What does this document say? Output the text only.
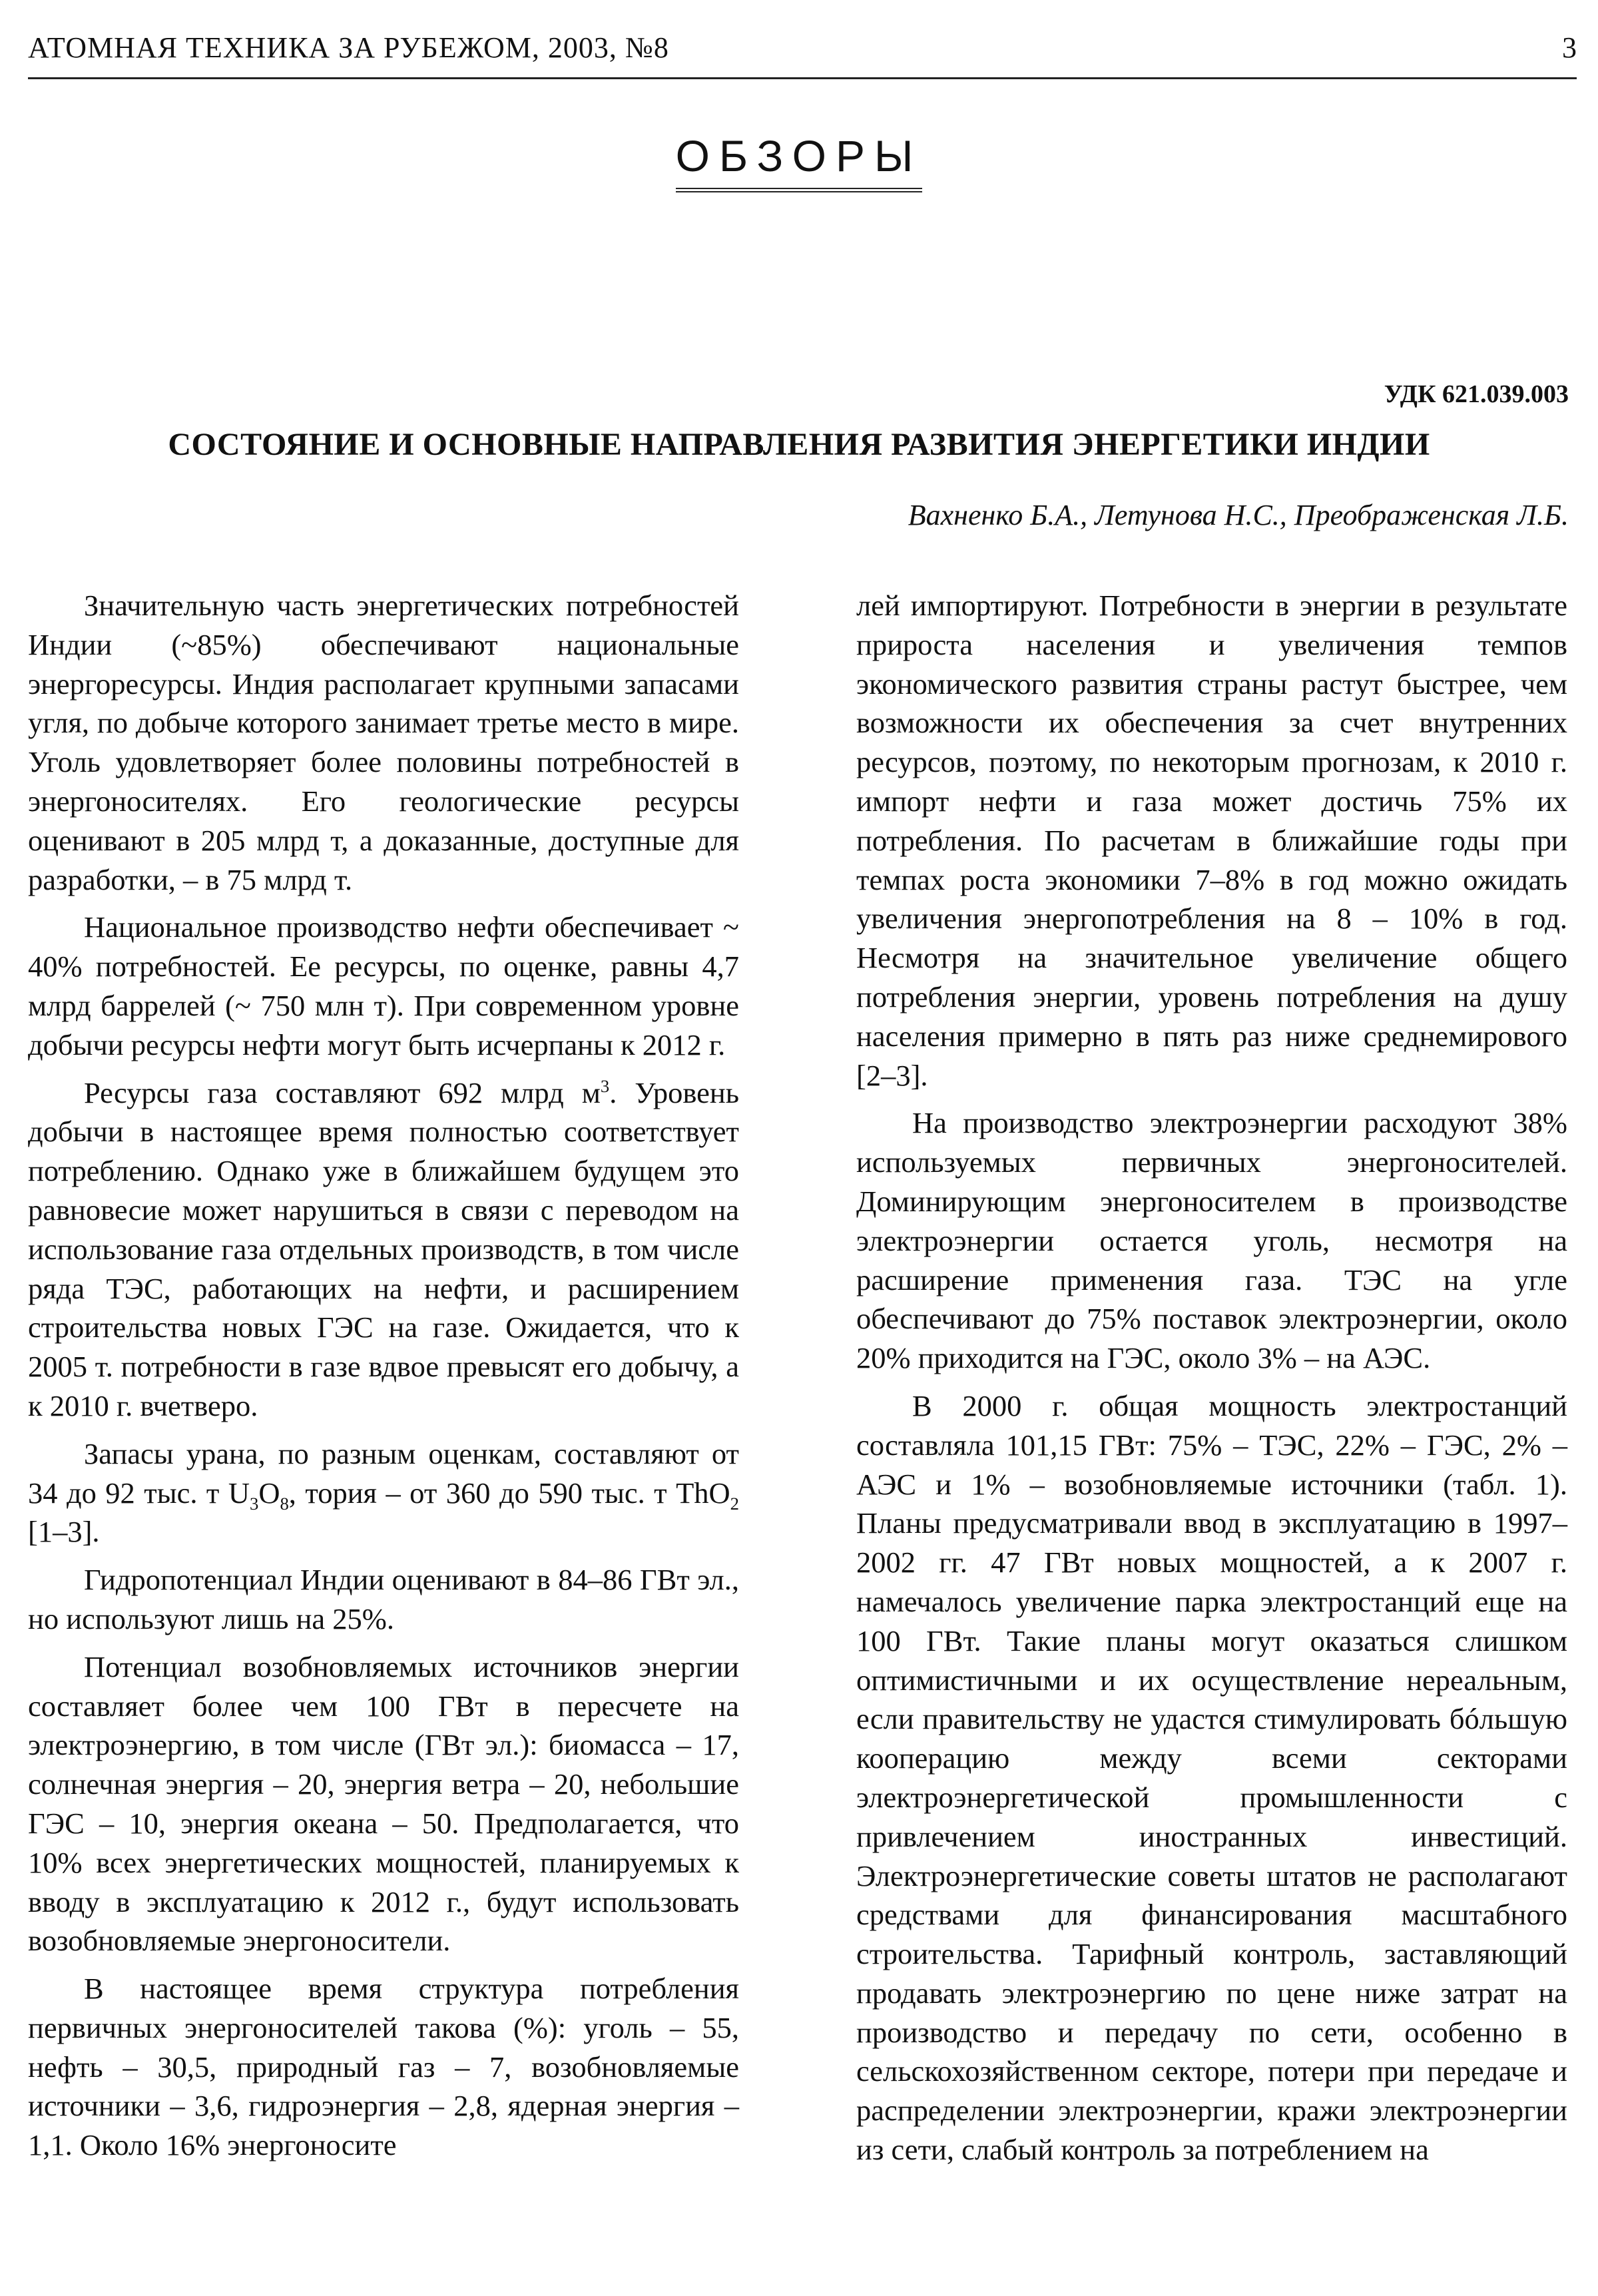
АТОМНАЯ ТЕХНИКА ЗА РУБЕЖОМ, 2003, №8	3
ОБЗОРЫ
УДК 621.039.003
СОСТОЯНИЕ И ОСНОВНЫЕ НАПРАВЛЕНИЯ РАЗВИТИЯ ЭНЕРГЕТИКИ ИНДИИ
Вахненко Б.А., Летунова Н.С., Преображенская Л.Б.

Значительную часть энергетических потребностей Индии (~85%) обеспечивают национальные энергоресурсы. Индия располагает крупными запасами угля, по добыче которого занимает третье место в мире. Уголь удовлетворяет более половины потребностей в энергоносителях. Его геологические ресурсы оценивают в 205 млрд т, а доказанные, доступные для разработки, – в 75 млрд т.

Национальное производство нефти обеспечивает ~ 40% потребностей. Ее ресурсы, по оценке, равны 4,7 млрд баррелей (~ 750 млн т). При современном уровне добычи ресурсы нефти могут быть исчерпаны к 2012 г.

Ресурсы газа составляют 692 млрд $м^3$. Уровень добычи в настоящее время полностью соответствует потреблению. Однако уже в ближайшем будущем это равновесие может нарушиться в связи с переводом на использование газа отдельных производств, в том числе ряда ТЭС, работающих на нефти, и расширением строительства новых ГЭС на газе. Ожидается, что к 2005 т. потребности в газе вдвое превысят его добычу, а к 2010 г. вчетверо.

Запасы урана, по разным оценкам, составляют от 34 до 92 тыс. т $U_3O_8$, тория – от 360 до 590 тыс. т ThO$_2$ [1–3].

Гидропотенциал Индии оценивают в 84–86 ГВт эл., но используют лишь на 25%.

Потенциал возобновляемых источников энергии составляет более чем 100 ГВт в пересчете на электроэнергию, в том числе (ГВт эл.): биомасса – 17, солнечная энергия – 20, энергия ветра – 20, небольшие ГЭС – 10, энергия океана – 50. Предполагается, что 10% всех энергетических мощностей, планируемых к вводу в эксплуатацию к 2012 г., будут использовать возобновляемые энергоносители.

В настоящее время структура потребления первичных энергоносителей такова (%): уголь – 55, нефть – 30,5, природный газ – 7, возобновляемые источники – 3,6, гидроэнергия – 2,8, ядерная энергия – 1,1. Около 16% энергоносите

лей импортируют. Потребности в энергии в результате прироста населения и увеличения темпов экономического развития страны растут быстрее, чем возможности их обеспечения за счет внутренних ресурсов, поэтому, по некоторым прогнозам, к 2010 г. импорт нефти и газа может достичь 75% их потребления. По расчетам в ближайшие годы при темпах роста экономики 7–8% в год можно ожидать увеличения энергопотребления на 8 – 10% в год. Несмотря на значительное увеличение общего потребления энергии, уровень потребления на душу населения примерно в пять раз ниже среднемирового [2–3].

На производство электроэнергии расходуют 38% используемых первичных энергоносителей. Доминирующим энергоносителем в производстве электроэнергии остается уголь, несмотря на расширение применения газа. ТЭС на угле обеспечивают до 75% поставок электроэнергии, около 20% приходится на ГЭС, около 3% – на АЭС.

В 2000 г. общая мощность электростанций составляла 101,15 ГВт: 75% – ТЭС, 22% – ГЭС, 2% – АЭС и 1% – возобновляемые источники (табл. 1). Планы предусматривали ввод в эксплуатацию в 1997–2002 гг. 47 ГВт новых мощностей, а к 2007 г. намечалось увеличение парка электростанций еще на 100 ГВт. Такие планы могут оказаться слишком оптимистичными и их осуществление нереальным, если правительству не удастся стимулировать бóльшую кооперацию между всеми секторами электроэнергетической промышленности с привлечением иностранных инвестиций. Электроэнергетические советы штатов не располагают средствами для финансирования масштабного строительства. Тарифный контроль, заставляющий продавать электроэнергию по цене ниже затрат на производство и передачу по сети, особенно в сельскохозяйственном секторе, потери при передаче и распределении электроэнергии, кражи электроэнергии из сети, слабый контроль за потреблением на
